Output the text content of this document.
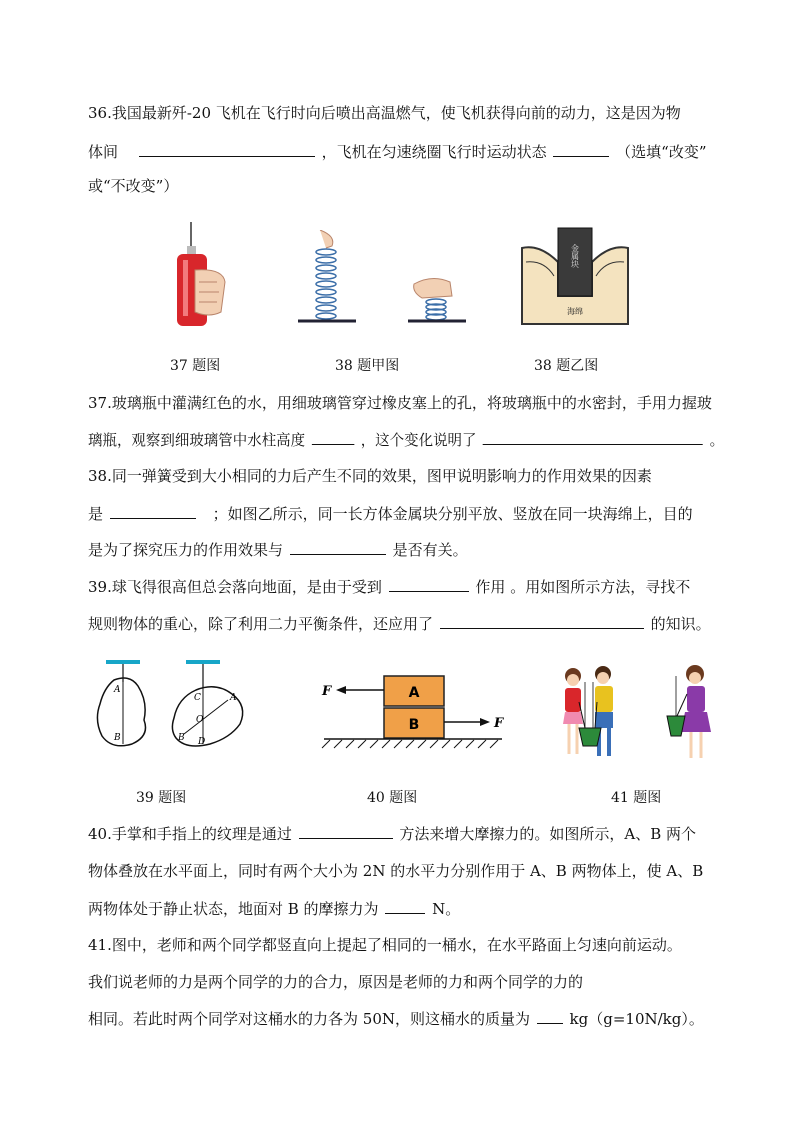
36.我国最新歼-20 飞机在飞行时向后喷出高温燃气，使飞机获得向前的动力，这是因为物
体间	，飞机在匀速绕圈飞行时运动状态	（选填“改变”
或“不改变”）
金属块
海绵
37 题图	38 题甲图	38 题乙图
37.玻璃瓶中灌满红色的水，用细玻璃管穿过橡皮塞上的孔，将玻璃瓶中的水密封，手用力握玻
璃瓶，观察到细玻璃管中水柱高度	，这个变化说明了	。
38.同一弹簧受到大小相同的力后产生不同的效果，图甲说明影响力的作用效果的因素
是	；如图乙所示，同一长方体金属块分别平放、竖放在同一块海绵上，目的
是为了探究压力的作用效果与	是否有关。
39.球飞得很高但总会落向地面，是由于受到	作用 。用如图所示方法，寻找不
规则物体的重心，除了利用二力平衡条件，还应用了	的知识。
A
B
C
O
A
B D
A
B
F
F
39 题图	40 题图	41 题图
40.手掌和手指上的纹理是通过	方法来增大摩擦力的。如图所示，A、B 两个
物体叠放在水平面上，同时有两个大小为 2N 的水平力分别作用于 A、B 两物体上，使 A、B
两物体处于静止状态，地面对 B 的摩擦力为	N。
41.图中，老师和两个同学都竖直向上提起了相同的一桶水，在水平路面上匀速向前运动。
我们说老师的力是两个同学的力的合力，原因是老师的力和两个同学的力的
相同。若此时两个同学对这桶水的力各为 50N，则这桶水的质量为	kg（g=10N/kg）。
